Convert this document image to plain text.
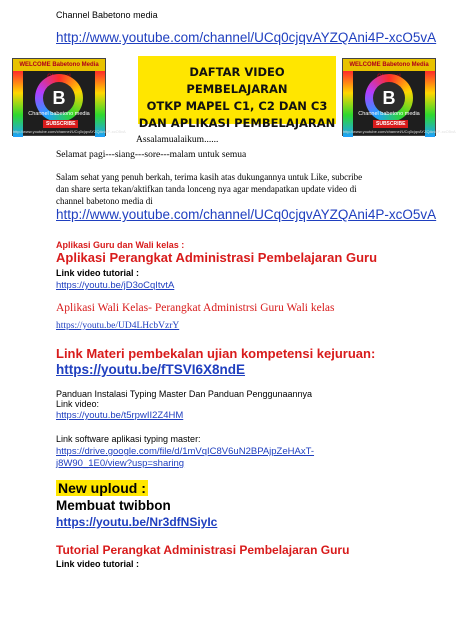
Channel Babetono media
http://www.youtube.com/channel/UCq0cjqvAYZQAni4P-xcO5vA
WELCOME Babetono Media
B
Channel babetono media
SUBSCRIBE
http://www.youtube.com/channel/UCq0cjqvAYZQAni4P-xcO5vA
DAFTAR VIDEO PEMBELAJARAN
OTKP MAPEL C1, C2 DAN C3
DAN APLIKASI PEMBELAJARAN
WELCOME Babetono Media
B
Channel babetono media
SUBSCRIBE
http://www.youtube.com/channel/UCq0cjqvAYZQAni4P-xcO5vA
Assalamualaikum......
Selamat pagi---siang---sore---malam untuk semua
Salam sehat yang penuh berkah, terima kasih atas dukungannya untuk Like, subcribe
dan share serta tekan/aktifkan tanda lonceng nya agar mendapatkan update video di
channel babetono media di
http://www.youtube.com/channel/UCq0cjqvAYZQAni4P-xcO5vA
Aplikasi Guru dan Wali kelas :
Aplikasi Perangkat Administrasi Pembelajaran Guru
Link video tutorial :
https://youtu.be/jD3oCqItvtA
Aplikasi Wali Kelas- Perangkat Administrsi Guru Wali kelas
https://youtu.be/UD4LHcbVzrY
Link Materi pembekalan ujian kompetensi kejuruan:
https://youtu.be/fTSVI6X8ndE
Panduan Instalasi Typing Master Dan Panduan Penggunaannya
Link video:
https://youtu.be/t5rpwII2Z4HM
Link software aplikasi typing master:
https://drive.google.com/file/d/1mVqIC8V6uN2BPAjpZeHAxT-
j8W90_1E0/view?usp=sharing
New uploud :
Membuat twibbon
https://youtu.be/Nr3dfNSiyIc
Tutorial Perangkat Administrasi Pembelajaran Guru
Link video tutorial :
